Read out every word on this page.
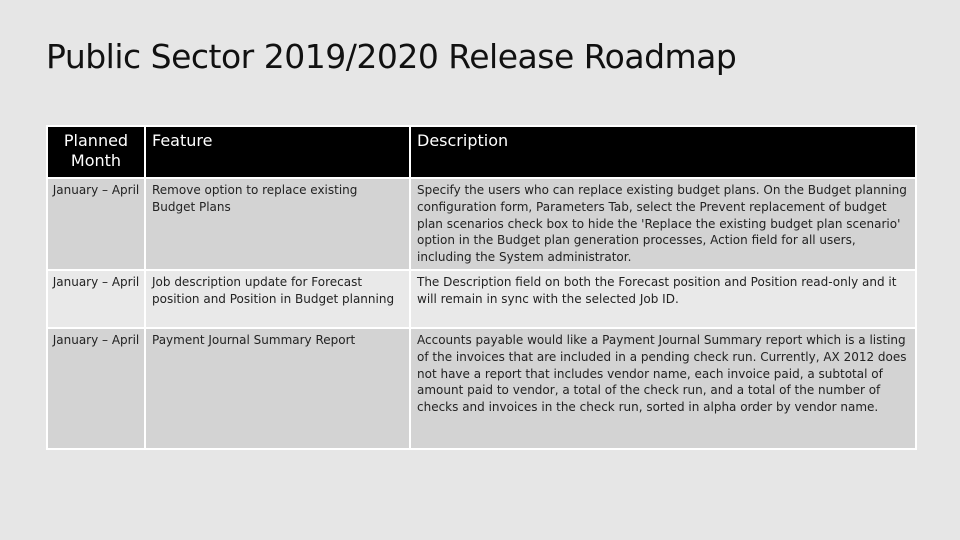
Public Sector 2019/2020 Release Roadmap
Planned Month	Feature	Description
January – April	Remove option to replace existing Budget Plans	Specify the users who can replace existing budget plans. On the Budget planning configuration form, Parameters Tab, select the Prevent replacement of budget plan scenarios check box to hide the 'Replace the existing budget plan scenario' option in the Budget plan generation processes, Action field for all users, including the System administrator.
January – April	Job description update for Forecast position and Position in Budget planning	The Description field on both the Forecast position and Position read-only and it will remain in sync with the selected Job ID.
January – April	Payment Journal Summary Report	Accounts payable would like a Payment Journal Summary report which is a listing of the invoices that are included in a pending check run. Currently, AX 2012 does not have a report that includes vendor name, each invoice paid, a subtotal of amount paid to vendor, a total of the check run, and a total of the number of checks and invoices in the check run, sorted in alpha order by vendor name.
